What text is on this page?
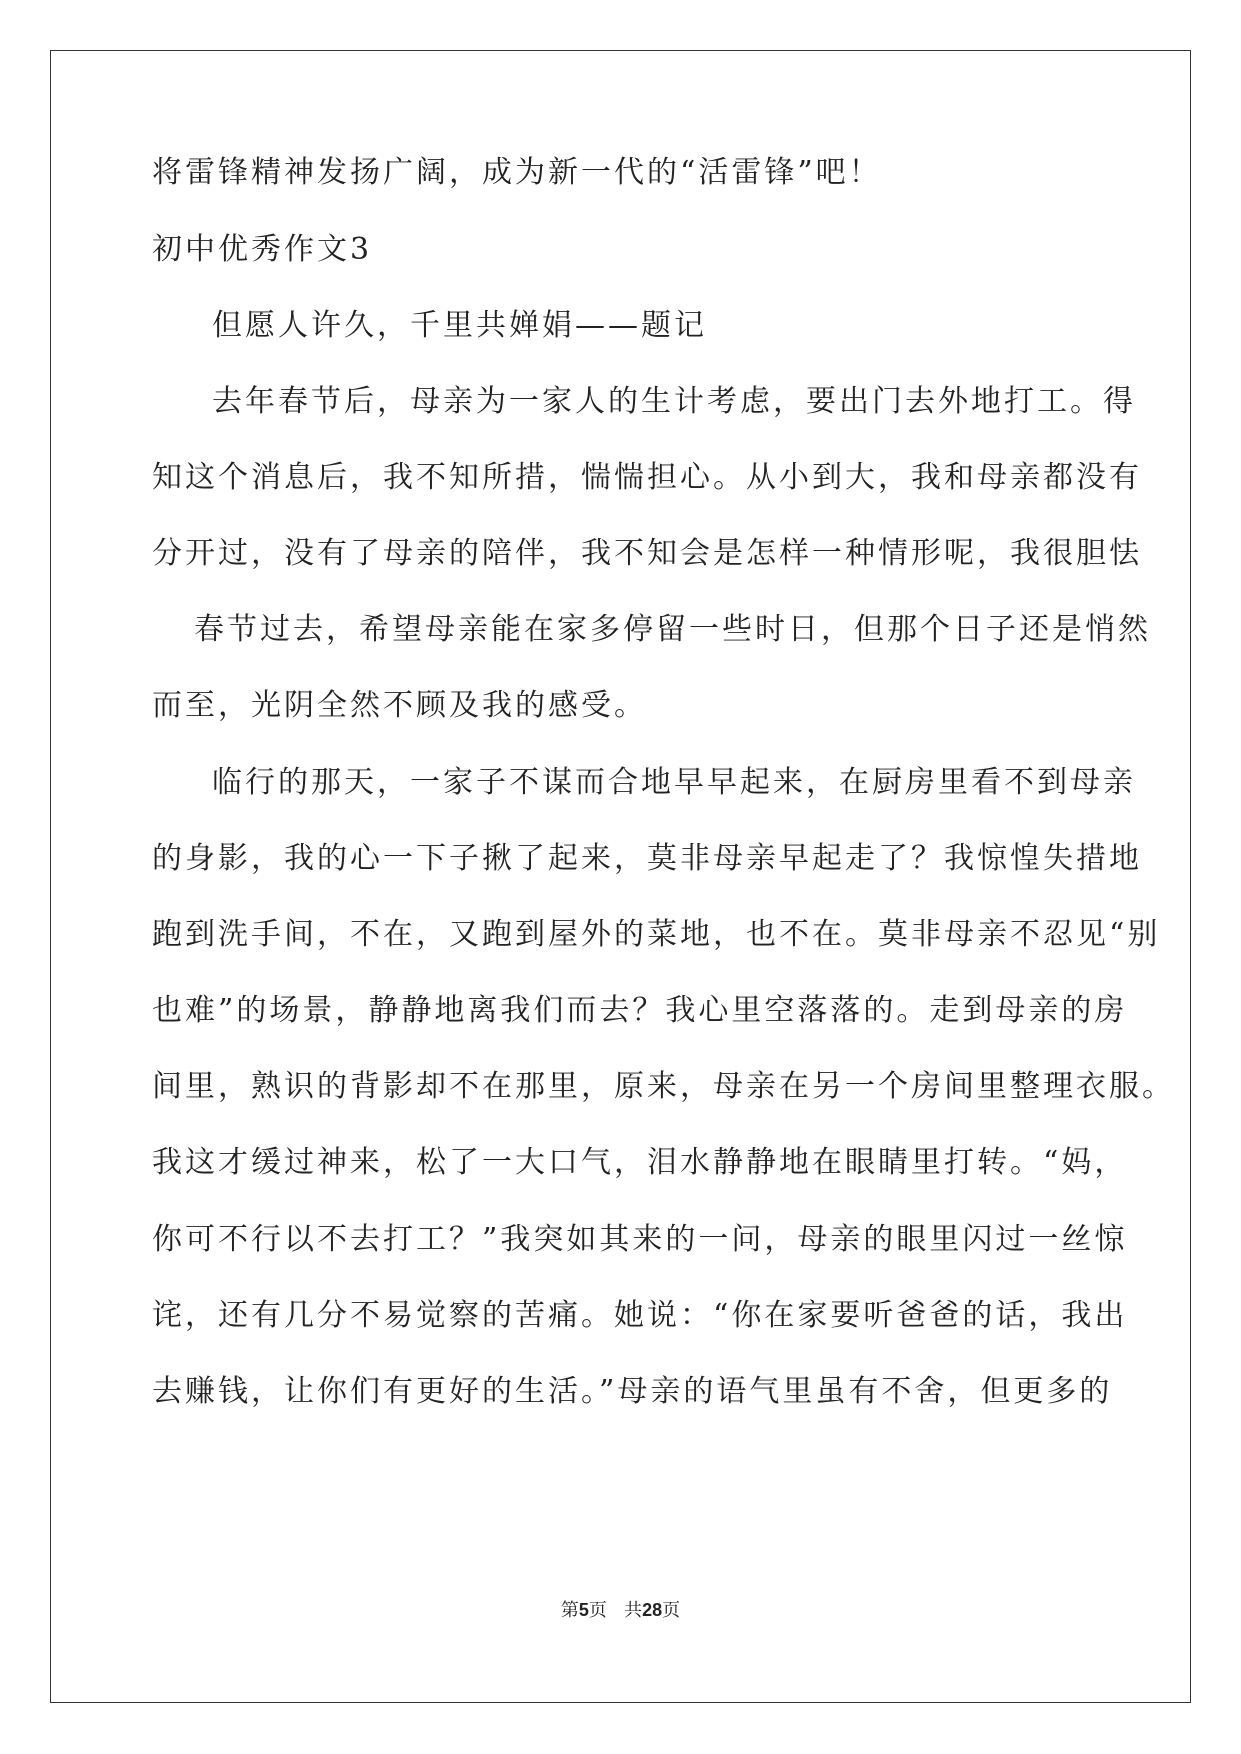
将雷锋精神发扬广阔，成为新一代的“活雷锋”吧！
初中优秀作文3
但愿人许久，千里共婵娟——题记
去年春节后，母亲为一家人的生计考虑，要出门去外地打工。得
知这个消息后，我不知所措，惴惴担心。从小到大，我和母亲都没有
分开过，没有了母亲的陪伴，我不知会是怎样一种情形呢，我很胆怯
春节过去，希望母亲能在家多停留一些时日，但那个日子还是悄然
而至，光阴全然不顾及我的感受。
临行的那天，一家子不谋而合地早早起来，在厨房里看不到母亲
的身影，我的心一下子揪了起来，莫非母亲早起走了？我惊惶失措地
跑到洗手间，不在，又跑到屋外的菜地，也不在。莫非母亲不忍见“别
也难”的场景，静静地离我们而去？我心里空落落的。走到母亲的房
间里，熟识的背影却不在那里，原来，母亲在另一个房间里整理衣服。
我这才缓过神来，松了一大口气，泪水静静地在眼睛里打转。“妈，
你可不行以不去打工？”我突如其来的一问，母亲的眼里闪过一丝惊
诧，还有几分不易觉察的苦痛。她说：“你在家要听爸爸的话，我出
去赚钱，让你们有更好的生活。”母亲的语气里虽有不舍，但更多的
第5页 共28页
